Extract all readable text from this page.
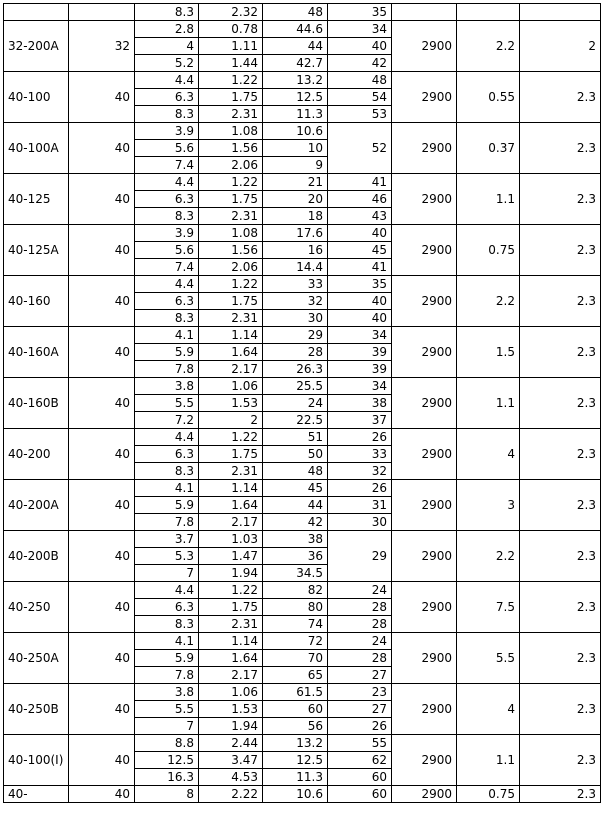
		8.3	2.32	48	35			
32-200A	32	2.8	0.78	44.6	34	2900	2.2	2
		4	1.11	44	40			
		5.2	1.44	42.7	42			
40-100	40	4.4	1.22	13.2	48	2900	0.55	2.3
		6.3	1.75	12.5	54			
		8.3	2.31	11.3	53			
40-100A	40	3.9	1.08	10.6	52	2900	0.37	2.3
		5.6	1.56	10				
		7.4	2.06	9				
40-125	40	4.4	1.22	21	41	2900	1.1	2.3
		6.3	1.75	20	46			
		8.3	2.31	18	43			
40-125A	40	3.9	1.08	17.6	40	2900	0.75	2.3
		5.6	1.56	16	45			
		7.4	2.06	14.4	41			
40-160	40	4.4	1.22	33	35	2900	2.2	2.3
		6.3	1.75	32	40			
		8.3	2.31	30	40			
40-160A	40	4.1	1.14	29	34	2900	1.5	2.3
		5.9	1.64	28	39			
		7.8	2.17	26.3	39			
40-160B	40	3.8	1.06	25.5	34	2900	1.1	2.3
		5.5	1.53	24	38			
		7.2	2	22.5	37			
40-200	40	4.4	1.22	51	26	2900	4	2.3
		6.3	1.75	50	33			
		8.3	2.31	48	32			
40-200A	40	4.1	1.14	45	26	2900	3	2.3
		5.9	1.64	44	31			
		7.8	2.17	42	30			
40-200B	40	3.7	1.03	38	29	2900	2.2	2.3
		5.3	1.47	36				
		7	1.94	34.5				
40-250	40	4.4	1.22	82	24	2900	7.5	2.3
		6.3	1.75	80	28			
		8.3	2.31	74	28			
40-250A	40	4.1	1.14	72	24	2900	5.5	2.3
		5.9	1.64	70	28			
		7.8	2.17	65	27			
40-250B	40	3.8	1.06	61.5	23	2900	4	2.3
		5.5	1.53	60	27			
		7	1.94	56	26			
40-100(I)	40	8.8	2.44	13.2	55	2900	1.1	2.3
		12.5	3.47	12.5	62			
		16.3	4.53	11.3	60			
40-	40	8	2.22	10.6	60	2900	0.75	2.3
